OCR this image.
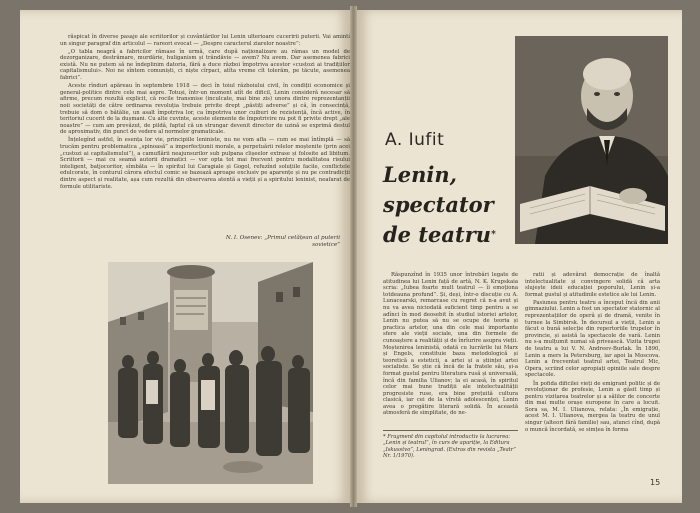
răspicat în diverse pasaje ale scriitorilor și cuvântărilor lui Lenin ulterioare cuceririi puterii. Vai amintí un singur paragraf din articolul — rareori evocat — „Despre caracterul ziarelor noastre”:

„O tabla neagră a fabricilor rămase în urmă, care după naționalizare au rămas un model de dezorganizare, destrămare, murdărie, huliganism și trândăvie — avem? Nu avem. Dar asemenea fabrici există. Nu ne putem să ne îndeplinim datoria, fără a duce război împotriva acestor «custozi ai tradițiilor capitalismului». Noi ne sîntem comuniști, ci niște cîrpaci, atîta vreme cît tolerăm, pe tăcute, asemenea fabrici”.

Aceste rînduri apăreau în septembrie 1918 — deci în toiul războiului civil, în condiții economice și general-politice dintre cele mai aspre. Totuși, într-un moment atît de dificil, Lenin consideră necesar să afirme, precum rezultă explicit, că rocile transmise (inculcate, mai bine zis) unora dintre reprezentanții noii societăți de către ordinarea revoluția trebuie privite drept „păstiți adverse” și că, în consecință, trebuie să dom o bătălie, un asalt împotriva lor, ca împotriva unor cuiburi de rezistență, încă active, în teritoriul cucerit de la dușmani. Cu alte cuvinte, aceste elemente de împotrivire nu pot fi privite drept „ale noastre” — cum am prevăzut, de pildă, faptul că un strungar devenit director de uzină se exprimă destul de aproximativ, din punct de vedere al normelor gramaticale.

Înțelegînd astfel, în esența lor vie, principiile leniniste, nu ne vom afla — cum se mai întîmplă — să trucăm pentru problematica „spinoasă” a imperfecțiunii morale, a perpetuării relelor moștenite (prin acei „custozi ai capitalismului”), a camuflării neajunsurilor sub pulpana clișeelor extrase și folosite ad libitum. Scriitorii — mai cu seamă autorii dramatici — vor opta tot mai frecvent pentru modalitatea risului inteligent, batjocoritor, sîmbăta — în spiritul lui Caragiale și Gogol, refuzînd soluțiile facile, conflictele edulcorate, în conturul cărora efectul comic se bazează aproape exclusiv pe aparențe și nu pe contradicții dintre aspect și realitate, așa cum rezultă din observarea atentă a vieții și a spiritului leninist, neafarat de formule utilitariste.

N. I. Osenev: „Primul cetățean al puterii
sovietice”

A. Iufit

Lenin,
spectator
de teatru*

Răspunzînd în 1935 unor întrebări legate de atitudinea lui Lenin față de artă, N. K. Krupskaia scria: „Iubea foarte mult teatrul — îi emoționa totdeauna profund”. Și, deși, într-o discuție cu A. Lunacearski, remarcase cu regret că n-a avut și nu va avea niciodată suficient timp pentru a se adînci în mod deosebit în studiul istoriei artelor, Lenin nu putea să nu se ocupe de teoria și practica artelor, una din cele mai importante sfere ale vieții sociale, una din formele de cunoaștere a realității și de înrîurire asupra vieții. Moștenirea leninistă, odată cu lucrările lui Marx și Engels, constituie baza metodologică și teoretică a esteticii, a artei și a științei artei socialiste. Se știe că încă de la fratele său, și-a format gustul pentru literatura rusă și universală, încă din familia Ulianov; la ei acasă, în spiritul celor mai bune tradiții ale intelectualității progresiste ruse, era bine prețuită cultura clasică, iar cei de la vîrstă adolescenței, Lenin avea o pregătire literară solidă. În această atmosferă de simplitate, de ne-

ratii și adevărat democrație de înaltă intelectualitate și convingere solidă că arta slujește ideii educației poporului, Lenin și-a format gustul și atitudinile estetice ale lui Lenin.

Pasiunea pentru teatru a început încă din anii gimnaziului. Lenin a fost un spectator statornic al reprezentațiilor de operă și de dramă, venite în turnee la Simbirsk. În decursul a vieții, Lenin a făcut o bună selecție din repertoriile trupelor în provincie, și asistă la spectacole de vară. Lenin nu s-a mulțumit numai să privească. Vizita trupei de teatru a lui V. N. Andreev-Burlak. În 1890, Lenin a mers la Petersburg, iar apoi la Moscova. Lenin a frecventat teatrul artei, Teatrul Mic, Opera, scriind celor apropiați opiniile sale despre spectacole.

În pofida dificilei vieți de emigrant politic și de revoluționar de profesie, Lenin a găsit timp și pentru vizitarea teatrelor și a sălilor de concerte din mai multe orașe europene în care a locuit. Sora sa, M. I. Ulianova, relata: „În emigrație, acest M. I. Ulianova, mergea la teatru de unul singur (alteori fără familie) sau, atunci cînd, după o muncă încordată, se simțea în forma

* Fragment din capitolul introductiv la lucrarea: „Lenin și teatrul”, în curs de apariție, la Editura „Iskusstvo”, Leningrad. (Extras din revista „Teatr” Nr. 1/1970).
15
